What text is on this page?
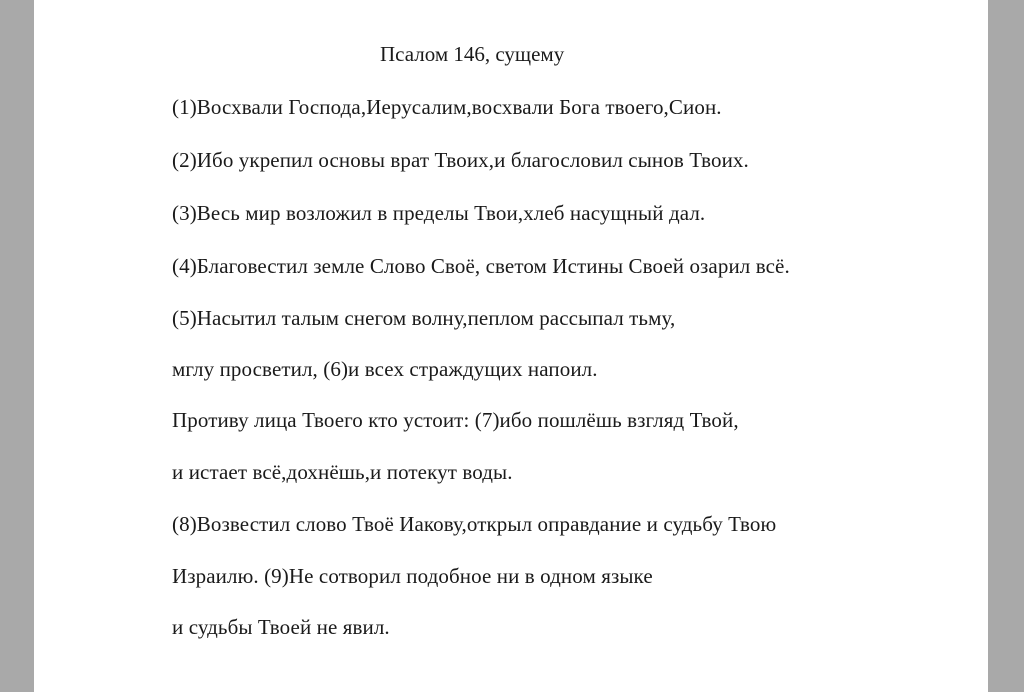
Псалом 146, сущему
(1)Восхвали Господа,Иерусалим,восхвали Бога твоего,Сион.
(2)Ибо укрепил основы врат Твоих,и благословил сынов Твоих.
(3)Весь мир возложил в пределы Твои,хлеб насущный дал.
(4)Благовестил земле Слово Своё, светом Истины Своей озарил всё.
(5)Насытил талым снегом волну,пеплом рассыпал тьму,
мглу просветил, (6)и всех страждущих напоил.
Противу лица Твоего кто устоит: (7)ибо пошлёшь взгляд Твой,
и истает всё,дохнёшь,и потекут воды.
(8)Возвестил слово Твоё Иакову,открыл оправдание и судьбу Твою
Израилю. (9)Не сотворил подобное ни в одном языке
и судьбы Твоей не явил.
